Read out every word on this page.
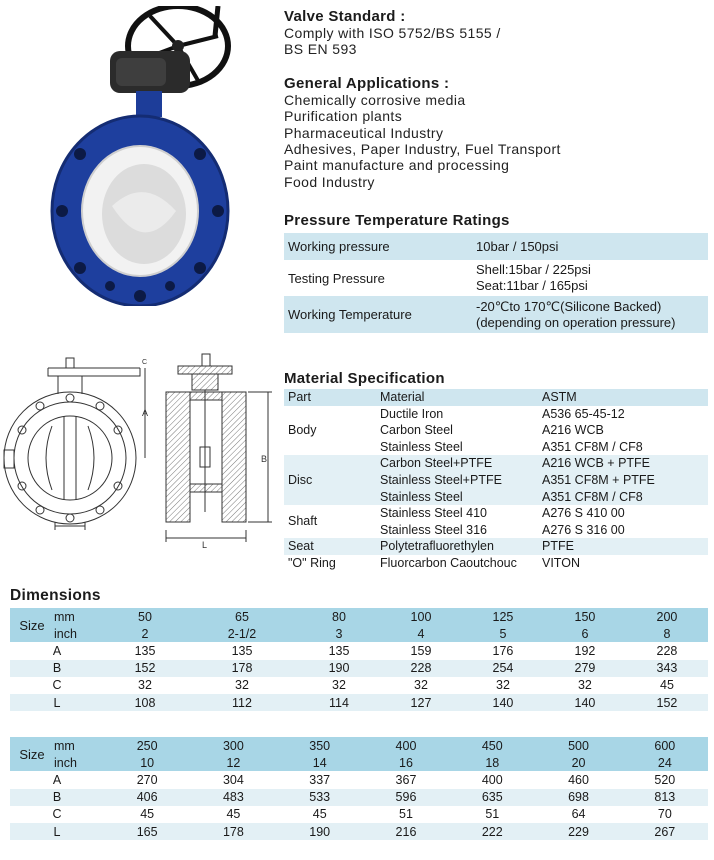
Valve Standard :
Comply with ISO 5752/BS 5155 /
BS EN 593
General Applications :
Chemically corrosive media
Purification plants
Pharmaceutical Industry
Adhesives, Paper Industry, Fuel Transport
Paint manufacture and processing
Food Industry
Pressure Temperature Ratings
Working pressure	10bar / 150psi
Testing Pressure	Shell:15bar / 225psi
Seat:11bar / 165psi

Working Temperature	-20℃to 170℃(Silicone Backed)
(depending on operation pressure)
A
C
B
L
Material Specification
Part	Material	ASTM
Body	Ductile Iron	A536 65-45-12
	Carbon Steel	A216 WCB
	Stainless Steel	A351 CF8M / CF8
Disc	Carbon Steel+PTFE	A216 WCB + PTFE
	Stainless Steel+PTFE	A351 CF8M + PTFE
	Stainless Steel	A351 CF8M / CF8
Shaft	Stainless Steel 410	A276 S 410 00
	Stainless Steel 316	A276 S 316 00
Seat	Polytetrafluorethylen	PTFE
"O" Ring	Fluorcarbon Caoutchouc	VITON
Dimensions
Size	mm	50	65	80	100	125	150	200
	inch	2	2-1/2	3	4	5	6	8
A		135	135	135	159	176	192	228
B		152	178	190	228	254	279	343
C		32	32	32	32	32	32	45
L		108	112	114	127	140	140	152
Size	mm	250	300	350	400	450	500	600
	inch	10	12	14	16	18	20	24
A		270	304	337	367	400	460	520
B		406	483	533	596	635	698	813
C		45	45	45	51	51	64	70
L		165	178	190	216	222	229	267
